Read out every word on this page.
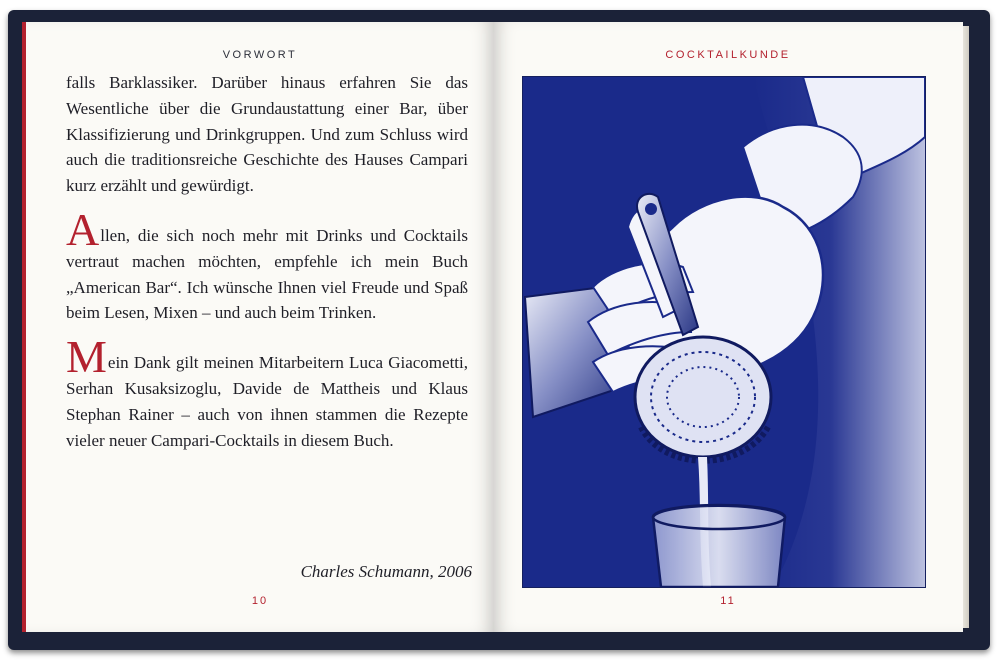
VORWORT

falls Barklassiker. Darüber hinaus erfahren Sie das Wesentliche über die Grundaustattung einer Bar, über Klassifizierung und Drinkgruppen. Und zum Schluss wird auch die traditionsreiche Geschichte des Hauses Campari kurz erzählt und gewürdigt.

Allen, die sich noch mehr mit Drinks und Cocktails vertraut machen möchten, empfehle ich mein Buch „American Bar“. Ich wünsche Ihnen viel Freude und Spaß beim Lesen, Mixen – und auch beim Trinken.

Mein Dank gilt meinen Mitarbeitern Luca Giacometti, Serhan Kusaksizoglu, Davide de Mattheis und Klaus Stephan Rainer – auch von ihnen stammen die Rezepte vieler neuer Campari-Cocktails in diesem Buch.

Charles Schumann, 2006
10
COCKTAILKUNDE
11
